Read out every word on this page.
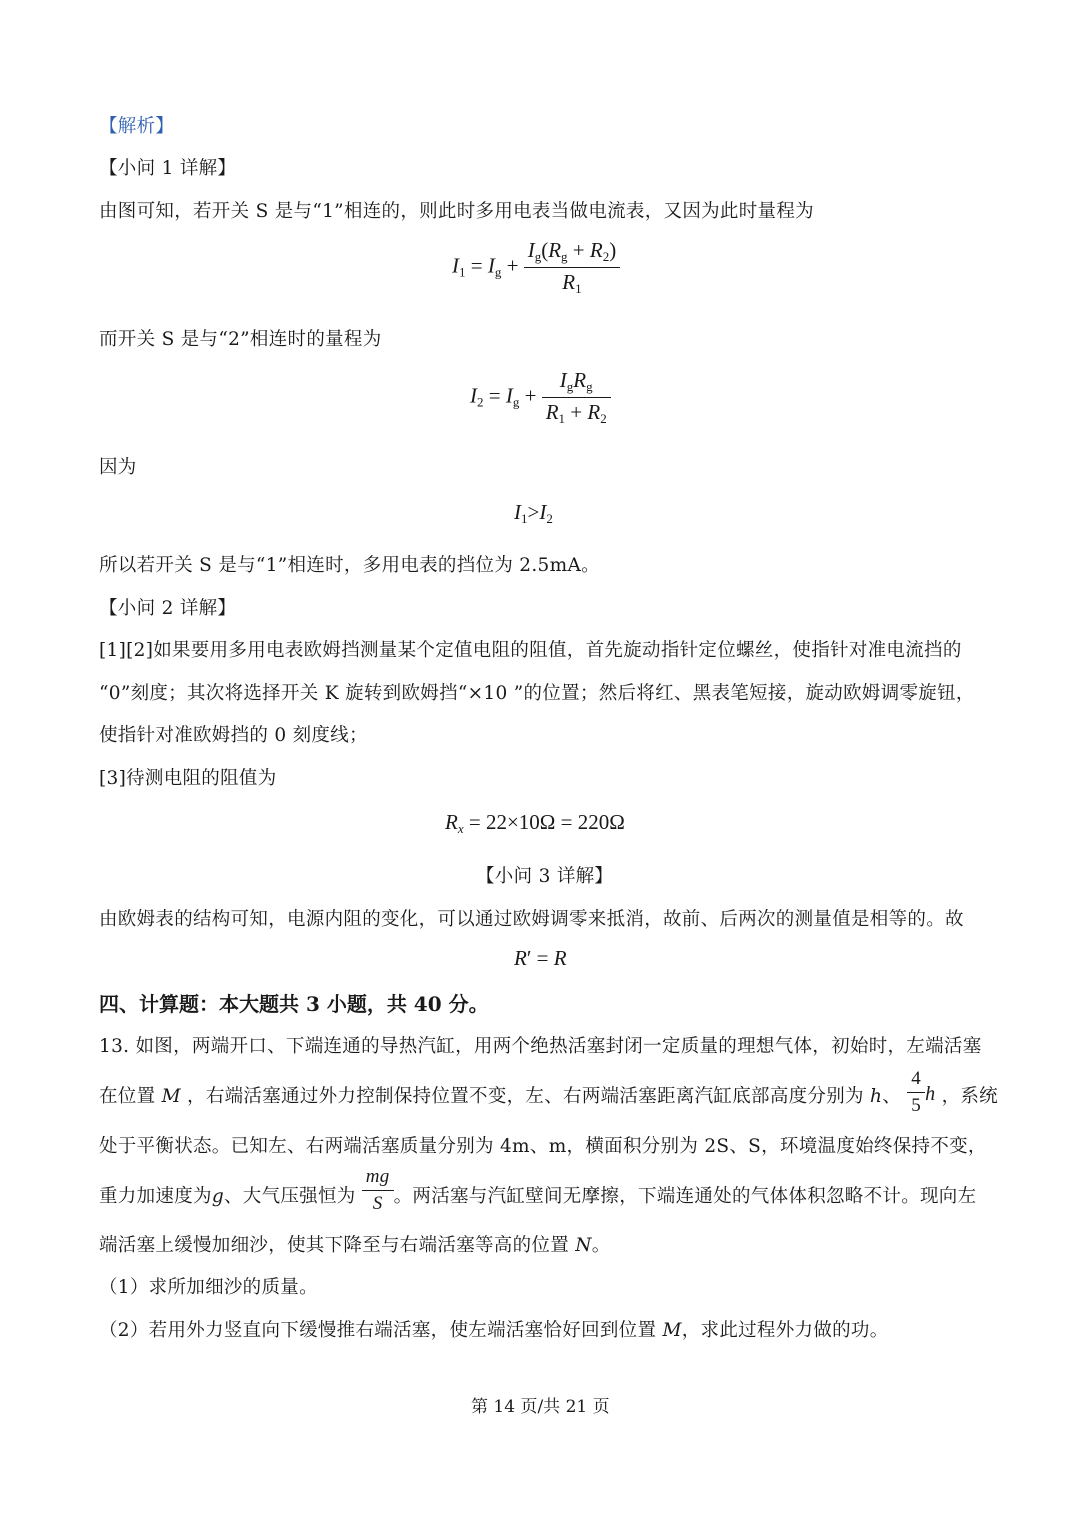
【解析】
【小问 1 详解】
由图可知，若开关 S 是与“1”相连的，则此时多用电表当做电流表，又因为此时量程为
$I_1 = I_g + \frac{I_g(R_g + R_2)}{R_1}$
而开关 S 是与“2”相连时的量程为
$I_2 = I_g + \frac{I_gR_g}{R_1 + R_2}$
因为
$I_1>I_2$
所以若开关 S 是与“1”相连时，多用电表的挡位为 2.5mA。
【小问 2 详解】
[1][2]如果要用多用电表欧姆挡测量某个定值电阻的阻值，首先旋动指针定位螺丝，使指针对准电流挡的
“0”刻度；其次将选择开关 K 旋转到欧姆挡“×10 ”的位置；然后将红、黑表笔短接，旋动欧姆调零旋钮，
使指针对准欧姆挡的 0 刻度线；
[3]待测电阻的阻值为
$R_x = 22\times 10\Omega = 220\Omega$
【小问 3 详解】
由欧姆表的结构可知，电源内阻的变化，可以通过欧姆调零来抵消，故前、后两次的测量值是相等的。故
R′ = R
四、计算题：本大题共 3 小题，共 40 分。
13. 如图，两端开口、下端连通的导热汽缸，用两个绝热活塞封闭一定质量的理想气体，初始时，左端活塞
在位置 M ，右端活塞通过外力控制保持位置不变，左、右两端活塞距离汽缸底部高度分别为 h、 $\frac{4}{5}$ h ，系统
处于平衡状态。已知左、右两端活塞质量分别为 4m、m，横面积分别为 2S、S，环境温度始终保持不变，
重力加速度为g、大气压强恒为 $\frac{mg}{S}$ 。两活塞与汽缸壁间无摩擦，下端连通处的气体体积忽略不计。现向左
端活塞上缓慢加细沙，使其下降至与右端活塞等高的位置 N。
（1）求所加细沙的质量。
（2）若用外力竖直向下缓慢推右端活塞，使左端活塞恰好回到位置 M，求此过程外力做的功。
第 14 页/共 21 页
